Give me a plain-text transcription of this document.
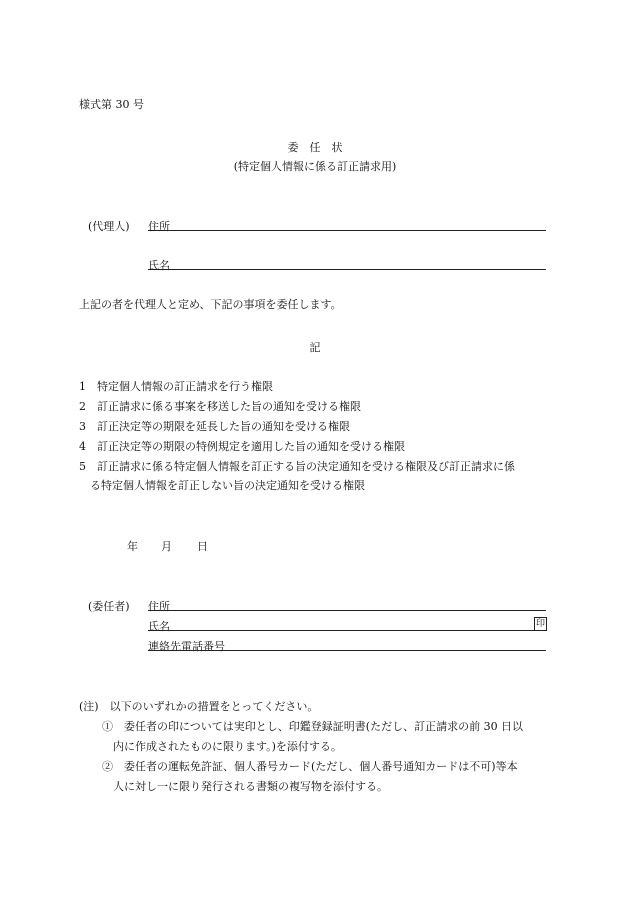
様式第 30 号
委　任　状
(特定個人情報に係る訂正請求用)
(代理人) 住所
氏名
上記の者を代理人と定め、下記の事項を委任します。
記
1　特定個人情報の訂正請求を行う権限
2　訂正請求に係る事案を移送した旨の通知を受ける権限
3　訂正決定等の期限を延長した旨の通知を受ける権限
4　訂正決定等の期限の特例規定を適用した旨の通知を受ける権限
5　訂正請求に係る特定個人情報を訂正する旨の決定通知を受ける権限及び訂正請求に係
る特定個人情報を訂正しない旨の決定通知を受ける権限
年 月 日
(委任者) 住所
氏名	印
連絡先電話番号
(注)　以下のいずれかの措置をとってください。
①　委任者の印については実印とし、印鑑登録証明書(ただし、訂正請求の前 30 日以
内に作成されたものに限ります。)を添付する。
②　委任者の運転免許証、個人番号カード(ただし、個人番号通知カードは不可)等本
人に対し一に限り発行される書類の複写物を添付する。
